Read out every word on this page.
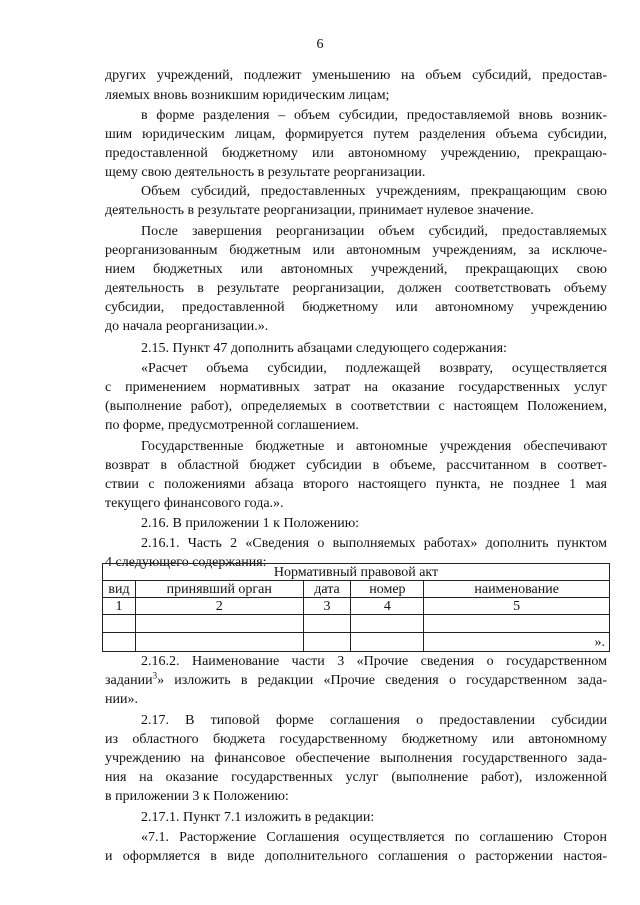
6
других учреждений, подлежит уменьшению на объем субсидий, предостав-
ляемых вновь возникшим юридическим лицам;
в форме разделения – объем субсидии, предоставляемой вновь возник-
шим юридическим лицам, формируется путем разделения объема субсидии,
предоставленной бюджетному или автономному учреждению, прекращаю-
щему свою деятельность в результате реорганизации.
Объем субсидий, предоставленных учреждениям, прекращающим свою
деятельность в результате реорганизации, принимает нулевое значение.
После завершения реорганизации объем субсидий, предоставляемых
реорганизованным бюджетным или автономным учреждениям, за исключе-
нием бюджетных или автономных учреждений, прекращающих свою
деятельность в результате реорганизации, должен соответствовать объему
субсидии, предоставленной бюджетному или автономному учреждению
до начала реорганизации.».
2.15. Пункт 47 дополнить абзацами следующего содержания:
«Расчет объема субсидии, подлежащей возврату, осуществляется
с применением нормативных затрат на оказание государственных услуг
(выполнение работ), определяемых в соответствии с настоящем Положением,
по форме, предусмотренной соглашением.
Государственные бюджетные и автономные учреждения обеспечивают
возврат в областной бюджет субсидии в объеме, рассчитанном в соответ-
ствии с положениями абзаца второго настоящего пункта, не позднее 1 мая
текущего финансового года.».
2.16. В приложении 1 к Положению:
2.16.1. Часть 2 «Сведения о выполняемых работах» дополнить пунктом
4 следующего содержания:
Нормативный правовой акт				
вид	принявший орган	дата	номер	наименование
1	2	3	4	5

				».
2.16.2. Наименование части 3 «Прочие сведения о государственном
задании$^3$» изложить в редакции «Прочие сведения о государственном зада-
нии».
2.17. В типовой форме соглашения о предоставлении субсидии
из областного бюджета государственному бюджетному или автономному
учреждению на финансовое обеспечение выполнения государственного зада-
ния на оказание государственных услуг (выполнение работ), изложенной
в приложении 3 к Положению:
2.17.1. Пункт 7.1 изложить в редакции:
«7.1. Расторжение Соглашения осуществляется по соглашению Сторон
и оформляется в виде дополнительного соглашения о расторжении настоя-
